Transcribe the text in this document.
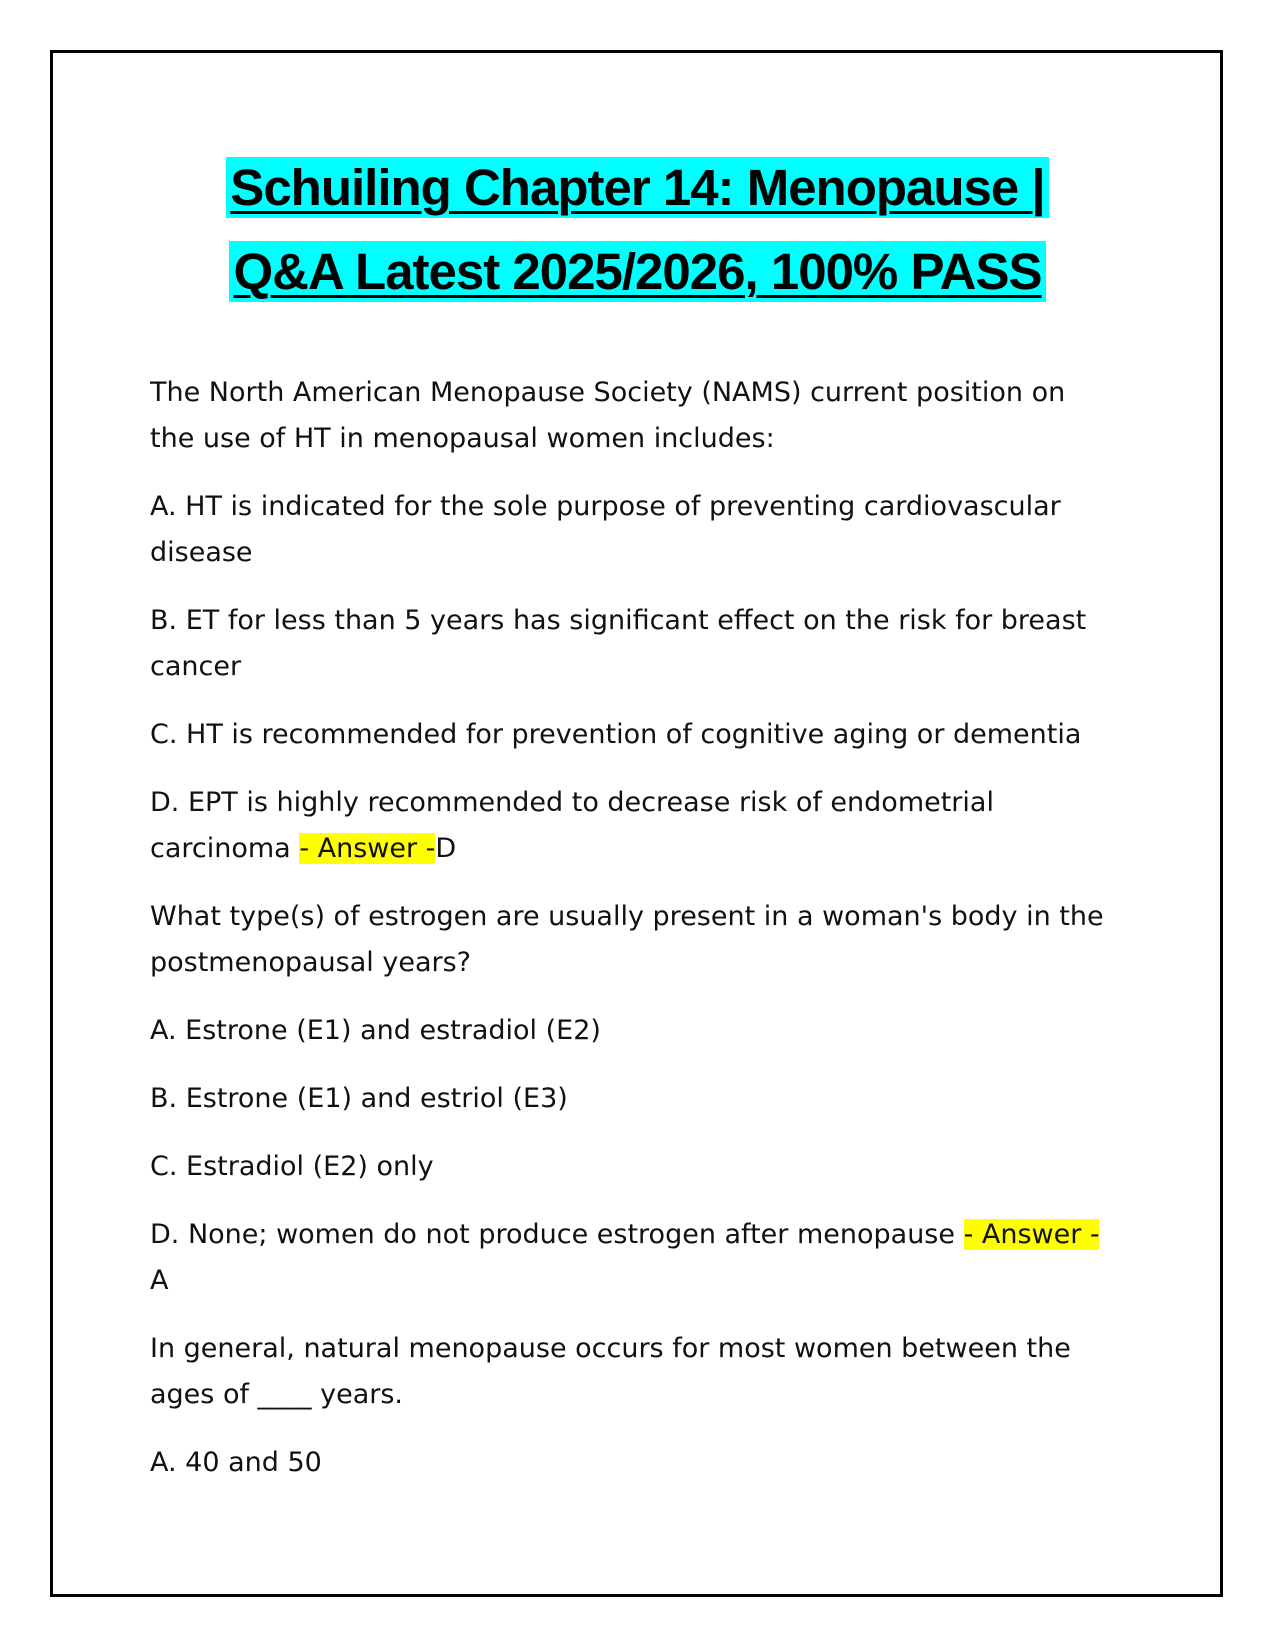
Schuiling Chapter 14: Menopause |
Q&A Latest 2025/2026, 100% PASS

The North American Menopause Society (NAMS) current position on the use of HT in menopausal women includes:

A. HT is indicated for the sole purpose of preventing cardiovascular disease

B. ET for less than 5 years has significant effect on the risk for breast cancer

C. HT is recommended for prevention of cognitive aging or dementia

D. EPT is highly recommended to decrease risk of endometrial carcinoma - Answer -D

What type(s) of estrogen are usually present in a woman's body in the postmenopausal years?

A. Estrone (E1) and estradiol (E2)

B. Estrone (E1) and estriol (E3)

C. Estradiol (E2) only

D. None; women do not produce estrogen after menopause - Answer -A

In general, natural menopause occurs for most women between the ages of ____ years.

A. 40 and 50
